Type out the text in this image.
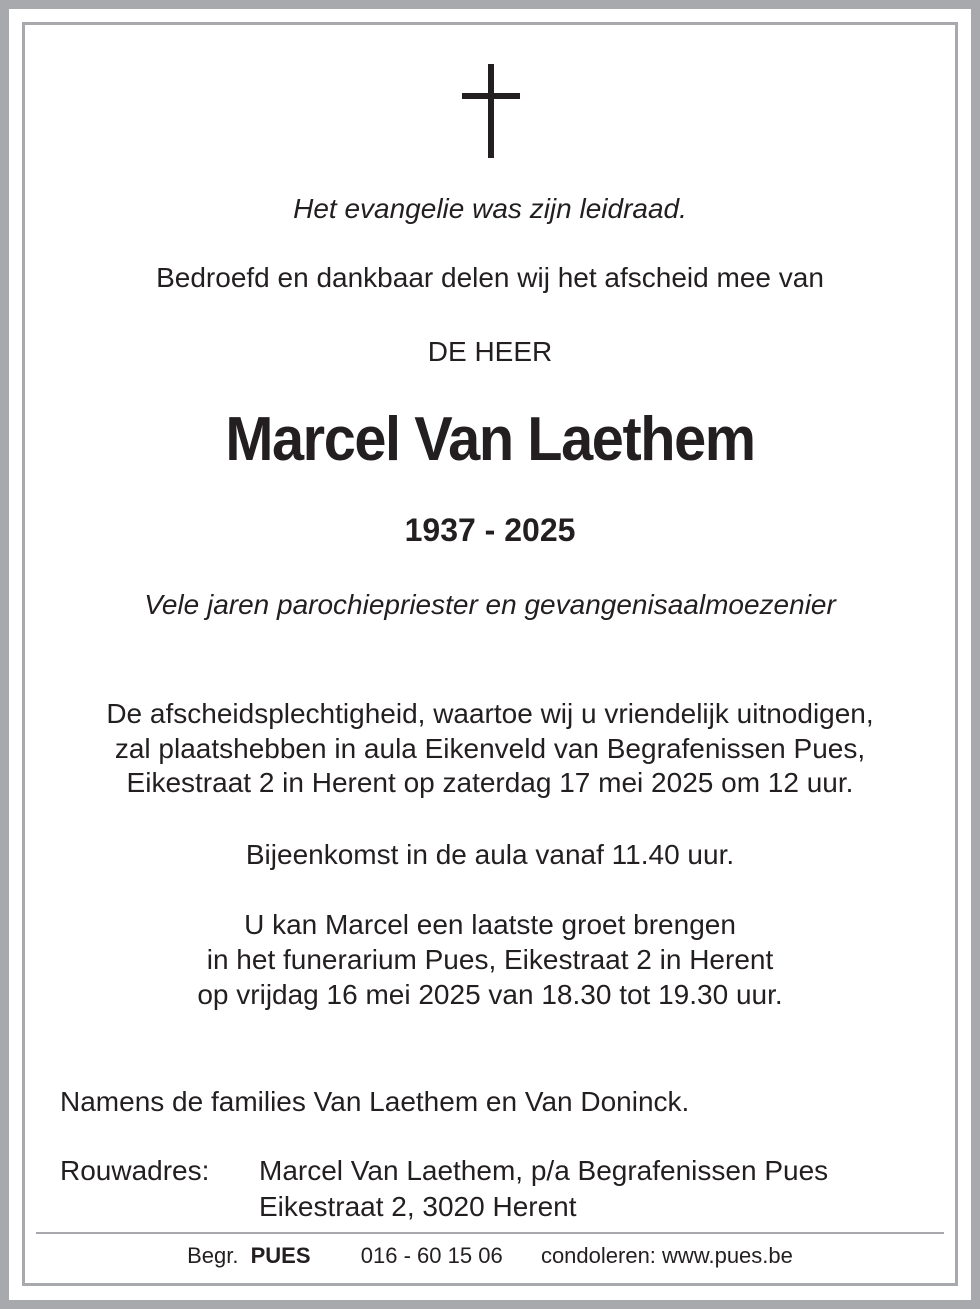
Het evangelie was zijn leidraad.
Bedroefd en dankbaar delen wij het afscheid mee van
DE HEER
Marcel Van Laethem
1937 - 2025
Vele jaren parochiepriester en gevangenisaalmoezenier
De afscheidsplechtigheid, waartoe wij u vriendelijk uitnodigen,
zal plaatshebben in aula Eikenveld van Begrafenissen Pues,
Eikestraat 2 in Herent op zaterdag 17 mei 2025 om 12 uur.
Bijeenkomst in de aula vanaf 11.40 uur.
U kan Marcel een laatste groet brengen
in het funerarium Pues, Eikestraat 2 in Herent
op vrijdag 16 mei 2025 van 18.30 tot 19.30 uur.
Namens de families Van Laethem en Van Doninck.
Rouwadres: Marcel Van Laethem, p/a Begrafenissen Pues
Eikestraat 2, 3020 Herent
Begr. PUES 016 - 60 15 06 condoleren: www.pues.be
